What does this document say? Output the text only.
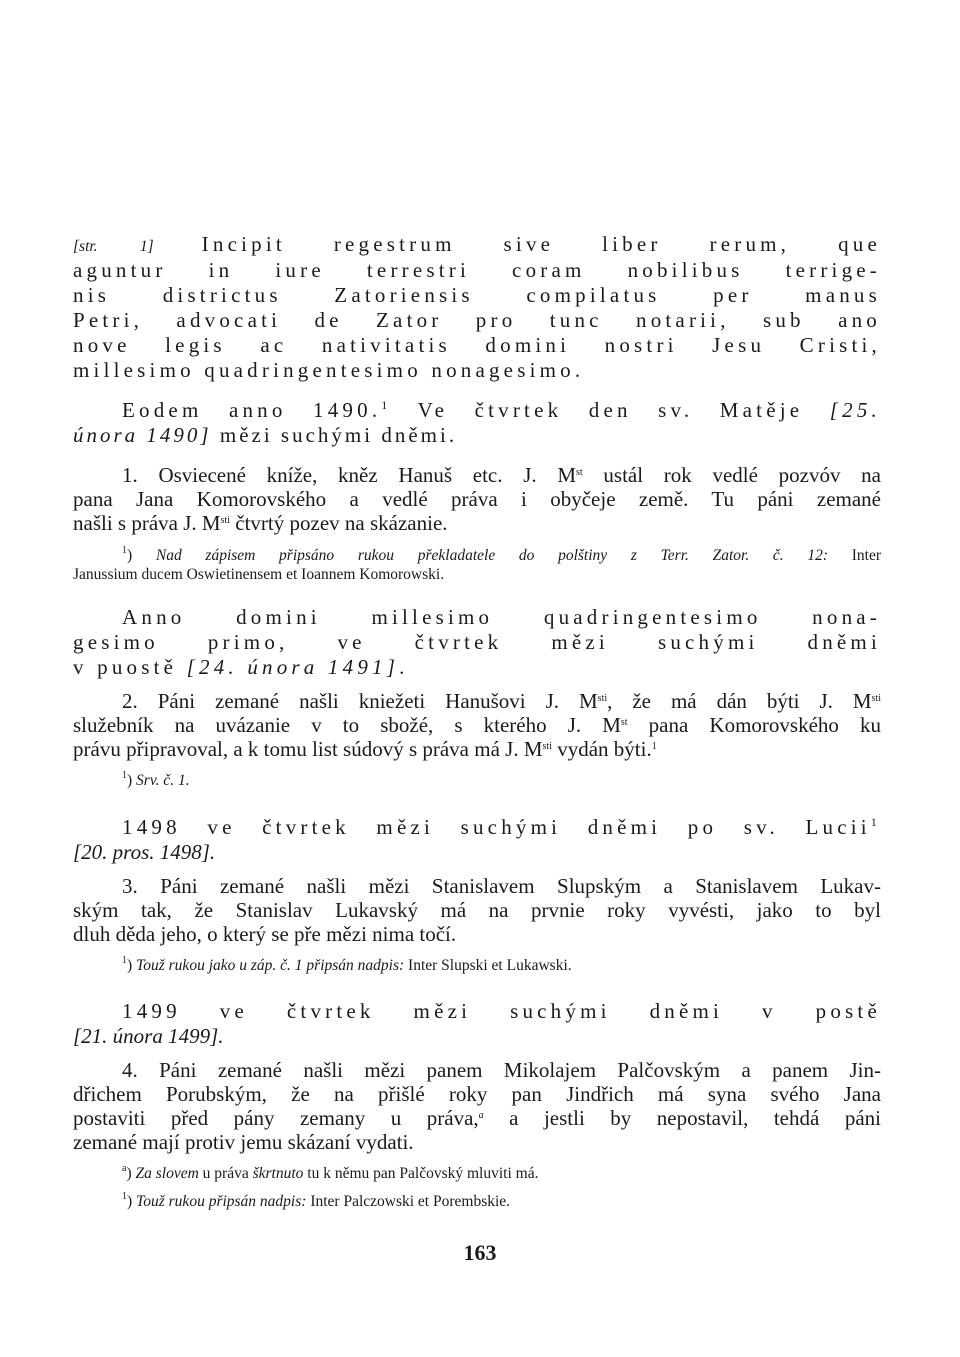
[str. 1] Incipit regestrum sive liber rerum, que
aguntur in iure terrestri coram nobilibus terrige-
nis districtus Zatoriensis compilatus per manus
Petri, advocati de Zator pro tunc notarii, sub ano
nove legis ac nativitatis domini nostri Jesu Cristi,
millesimo quadringentesimo nonagesimo.
Eodem anno 1490.$^1$ Ve čtvrtek den sv. Matěje [25.
února 1490] mězi suchými dněmi.
1. Osviecené kníže, kněz Hanuš etc. J. Mst ustál rok vedlé pozvóv na
pana Jana Komorovského a vedlé práva i obyčeje země. Tu páni zemané
našli s práva J. $M^{sti}$ čtvrtý pozev na skázanie.
$^1$) Nad zápisem připsáno rukou překladatele do polštiny z Terr. Zator. č. 12: Inter
Janussium ducem Oswietinensem et Ioannem Komorowski.
Anno domini millesimo quadringentesimo nona-
gesimo primo, ve čtvrtek mězi suchými dněmi
v puostě [24. února 1491].
2. Páni zemané našli kniežeti Hanušovi J. $M^{sti}$, že má dán býti J. $M^{sti}$
služebník na uvázanie v to sbožé, s kterého J. Mst pana Komorovského ku
právu připravoval, a k tomu list súdový s práva má J. $M^{sti}$ vydán býti.$^1$
$^1$) Srv. č. 1.
1498 ve čtvrtek mězi suchými dněmi po sv. Lucii$^1$
[20. pros. 1498].
3. Páni zemané našli mězi Stanislavem Slupským a Stanislavem Lukav-
ským tak, že Stanislav Lukavský má na prvnie roky vyvésti, jako to byl
dluh děda jeho, o který se pře mězi nima točí.
$^1$) Touž rukou jako u záp. č. 1 připsán nadpis: Inter Slupski et Lukawski.
1499 ve čtvrtek mězi suchými dněmi v postě
[21. února 1499].
4. Páni zemané našli mězi panem Mikolajem Palčovským a panem Jin-
dřichem Porubským, že na přišlé roky pan Jindřich má syna svého Jana
postaviti před pány zemany u práva,$^a$ a jestli by nepostavil, tehdá páni
zemané mají protiv jemu skázaní vydati.
$^a$) Za slovem u práva škrtnuto tu k němu pan Palčovský mluviti má.
$^1$) Touž rukou připsán nadpis: Inter Palczowski et Porembskie.
163
